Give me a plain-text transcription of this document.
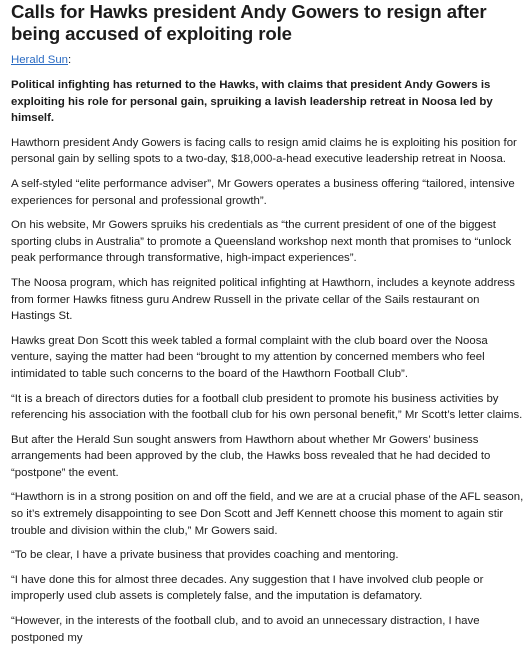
Calls for Hawks president Andy Gowers to resign after being accused of exploiting role
Herald Sun:

Political infighting has returned to the Hawks, with claims that president Andy Gowers is exploiting his role for personal gain, spruiking a lavish leadership retreat in Noosa led by himself.

Hawthorn president Andy Gowers is facing calls to resign amid claims he is exploiting his position for personal gain by selling spots to a two-day, $18,000-a-head executive leadership retreat in Noosa.

A self-styled “elite performance adviser”, Mr Gowers operates a business offering “tailored, intensive experiences for personal and professional growth”.

On his website, Mr Gowers spruiks his credentials as “the current president of one of the biggest sporting clubs in Australia” to promote a Queensland workshop next month that promises to “unlock peak performance through transformative, high-impact experiences”.

The Noosa program, which has reignited political infighting at Hawthorn, includes a keynote address from former Hawks fitness guru Andrew Russell in the private cellar of the Sails restaurant on Hastings St.

Hawks great Don Scott this week tabled a formal complaint with the club board over the Noosa venture, saying the matter had been “brought to my attention by concerned members who feel intimidated to table such concerns to the board of the Hawthorn Football Club”.

“It is a breach of directors duties for a football club president to promote his business activities by referencing his association with the football club for his own personal benefit,” Mr Scott’s letter claims.

But after the Herald Sun sought answers from Hawthorn about whether Mr Gowers’ business arrangements had been approved by the club, the Hawks boss revealed that he had decided to “postpone” the event.

“Hawthorn is in a strong position on and off the field, and we are at a crucial phase of the AFL season, so it’s extremely disappointing to see Don Scott and Jeff Kennett choose this moment to again stir trouble and division within the club,” Mr Gowers said.

“To be clear, I have a private business that provides coaching and mentoring.

“I have done this for almost three decades. Any suggestion that I have involved club people or improperly used club assets is completely false, and the imputation is defamatory.

“However, in the interests of the football club, and to avoid an unnecessary distraction, I have postponed my
